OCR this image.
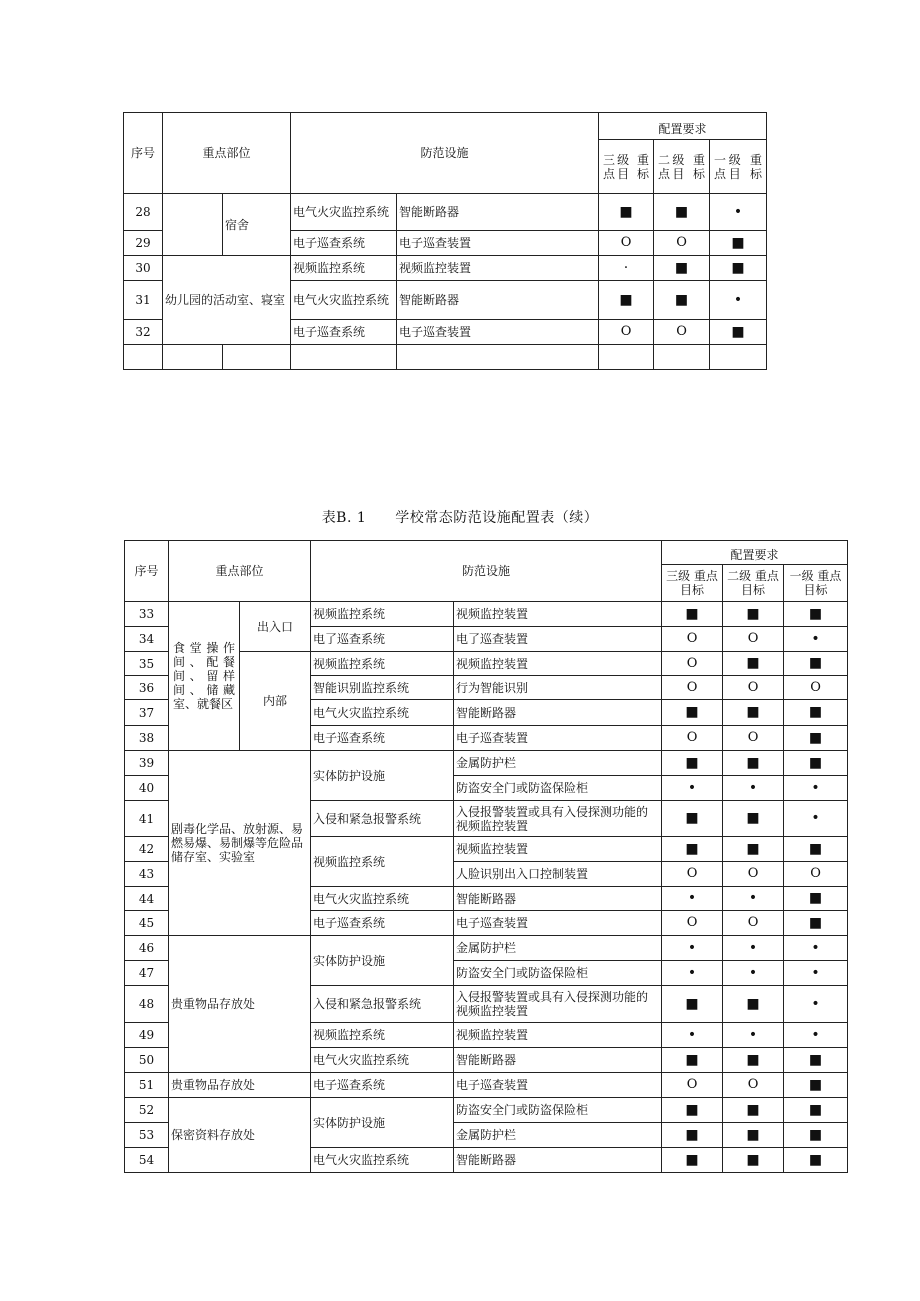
序号	重点部位		防范设施		配置要求		
					三级 重点目 标	二级 重点目 标	一级 重点目 标
28		宿舍	电气火灾监控系统	智能断路器	■	■	•
29			电子巡查系统	电子巡查装置	O	O	■
30	幼儿园的活动室、寝室		视频监控系统	视频监控装置	·	■	■
31			电气火灾监控系统	智能断路器	■	■	•
32			电子巡查系统	电子巡查装置	O	O	■

表B. 1　　学校常态防范设施配置表（续）
序号	重点部位		防范设施		配置要求		
					三级 重点目标	二级 重点目标	一级 重点目标
33	食堂操作间、配餐间、留样间、储藏室、就餐区	出入口	视频监控系统	视频监控装置	■	■	■
34			电了巡查系统	电了巡查装置	O	O	•
35		内部	视频监控系统	视频监控装置	O	■	■
36			智能识别监控系统	行为智能识别	O	O	O
37			电气火灾监控系统	智能断路器	■	■	■
38			电子巡查系统	电子巡查装置	O	O	■
39	剧毒化学品、放射源、易燃易爆、易制爆等危险品储存室、实验室		实体防护设施	金属防护栏	■	■	■
40				防盗安全门或防盗保险柜	•	•	•
41			入侵和紧急报警系统	入侵报警装置或具有入侵探测功能的视频监控装置	■	■	•
42			视频监控系统	视频监控装置	■	■	■
43				人脸识别出入口控制装置	O	O	O
44			电气火灾监控系统	智能断路器	•	•	■
45			电子巡查系统	电子巡查装置	O	O	■
46	贵重物品存放处		实体防护设施	金属防护栏	•	•	•
47				防盗安全门或防盗保险柜	•	•	•
48			入侵和紧急报警系统	入侵报警装置或具有入侵探测功能的视频监控装置	■	■	•
49			视频监控系统	视频监控装置	•	•	•
50			电气火灾监控系统	智能断路器	■	■	■
51	贵重物品存放处		电子巡查系统	电子巡查装置	O	O	■
52	保密资料存放处		实体防护设施	防盗安全门或防盗保险柜	■	■	■
53				金属防护栏	■	■	■
54			电气火灾监控系统	智能断路器	■	■	■
